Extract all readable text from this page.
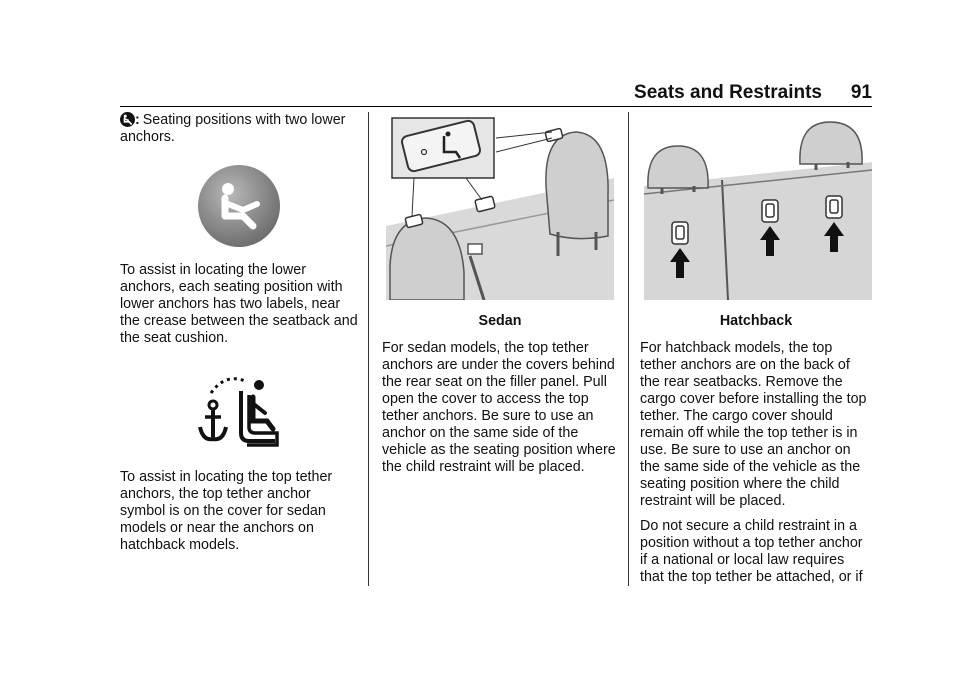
Seats and Restraints 91

: Seating positions with two lower anchors.

To assist in locating the lower anchors, each seating position with lower anchors has two labels, near the crease between the seatback and the seat cushion.

To assist in locating the top tether anchors, the top tether anchor symbol is on the cover for sedan models or near the anchors on hatchback models.

Sedan

For sedan models, the top tether anchors are under the covers behind the rear seat on the filler panel. Pull open the cover to access the top tether anchors. Be sure to use an anchor on the same side of the vehicle as the seating position where the child restraint will be placed.

Hatchback

For hatchback models, the top tether anchors are on the back of the rear seatbacks. Remove the cargo cover before installing the top tether. The cargo cover should remain off while the top tether is in use. Be sure to use an anchor on the same side of the vehicle as the seating position where the child restraint will be placed.

Do not secure a child restraint in a position without a top tether anchor if a national or local law requires that the top tether be attached, or if
